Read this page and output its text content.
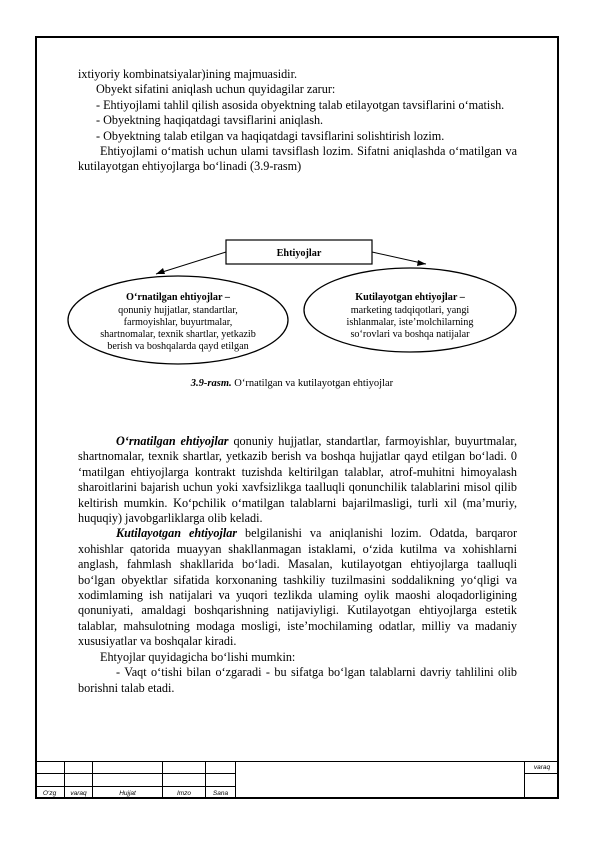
ixtiyoriy kombinatsiyalar)ining majmuasidir.

Obyekt sifatini aniqlash uchun quyidagilar zarur:

- Ehtiyojlami tahlil qilish asosida obyektning talab etilayotgan tavsiflarini o‘matish.

- Obyektning haqiqatdagi tavsiflarini aniqlash.

- Obyektning talab etilgan va haqiqatdagi tavsiflarini solishtirish lozim.

Ehtiyojlami o‘matish uchun ulami tavsiflash lozim. Sifatni aniqlashda o‘matilgan va kutilayotgan ehtiyojlarga bo‘linadi (3.9-rasm)

Ehtiyojlar
O‘rnatilgan ehtiyojlar –
qonuniy hujjatlar, standartlar,
farmoyishlar, buyurtmalar,
shartnomalar, texnik shartlar, yetkazib
berish va boshqalarda qayd etilgan
Kutilayotgan ehtiyojlar –
marketing tadqiqotlari, yangi
ishlanmalar, iste’molchilarning
so‘rovlari va boshqa natijalar
3.9-rasm. O‘rnatilgan va kutilayotgan ehtiyojlar

O‘rnatilgan ehtiyojlar qonuniy hujjatlar, standartlar, farmoyishlar, buyurtmalar, shartnomalar, texnik shartlar, yetkazib berish va boshqa hujjatlar qayd etilgan bo‘ladi. 0 ‘matilgan ehtiyojlarga kontrakt tuzishda keltirilgan talablar, atrof-muhitni himoyalash sharoitlarini bajarish uchun yoki xavfsizlikga taalluqli qonunchilik talablarini misol qilib keltirish mumkin. Ko‘pchilik o‘matilgan talablarni bajarilmasligi, turli xil (ma’muriy, huquqiy) javobgarliklarga olib keladi.

Kutilayotgan ehtiyojlar belgilanishi va aniqlanishi lozim. Odatda, barqaror xohishlar qatorida muayyan shakllanmagan istaklami, o‘zida kutilma va xohishlarni anglash, fahmlash shakllarida bo‘ladi. Masalan, kutilayotgan ehtiyojlarga taalluqli bo‘lgan obyektlar sifatida korxonaning tashkiliy tuzilmasini soddalikning yo‘qligi va xodimlaming ish natijalari va yuqori tezlikda ulaming oylik maoshi aloqadorligining qonuniyati, amaldagi boshqarishning natijaviyligi. Kutilayotgan ehtiyojlarga estetik talablar, mahsulotning modaga mosligi, iste’mochilaming odatlar, milliy va madaniy xususiyatlar va boshqalar kiradi.

Ehtyojlar quyidagicha bo‘lishi mumkin:

- Vaqt o‘tishi bilan o‘zgaradi - bu sifatga bo‘lgan talablarni davriy tahlilini olib borishni talab etadi.

O‘zg	varaq	Hujjat	Imzo	Sana
varaq
